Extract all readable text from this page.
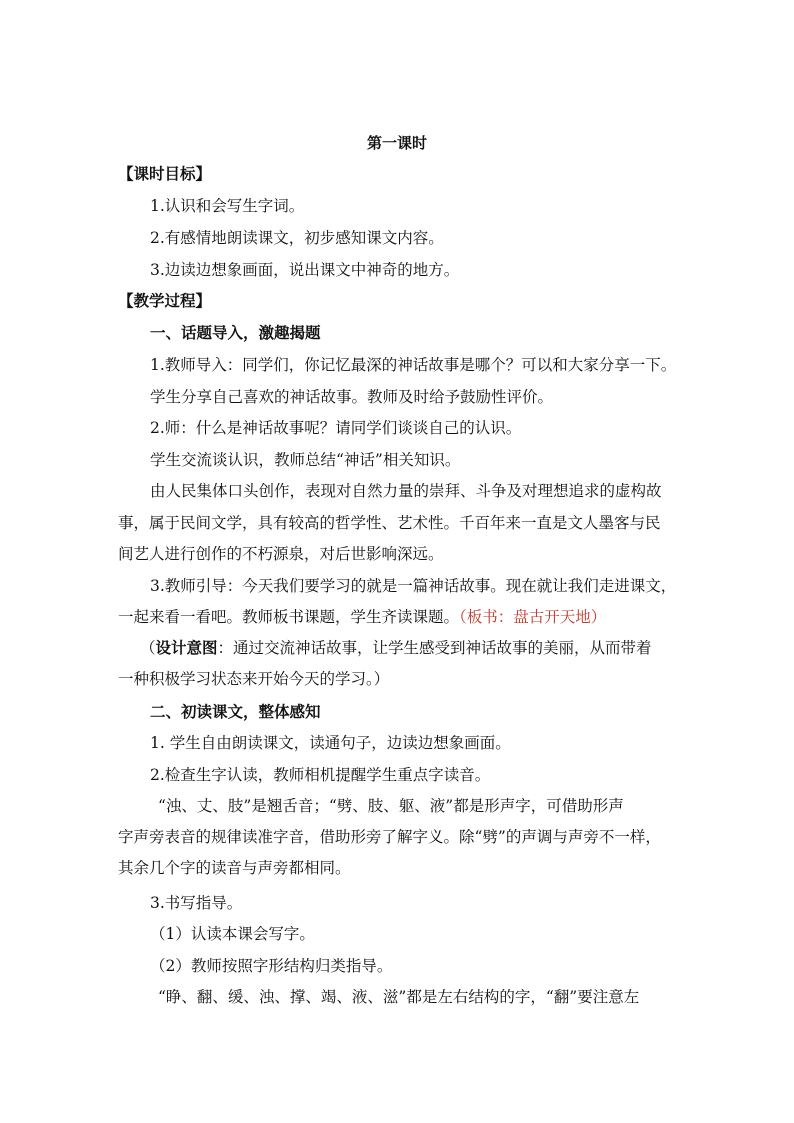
第一课时
【课时目标】
1.认识和会写生字词。
2.有感情地朗读课文，初步感知课文内容。
3.边读边想象画面，说出课文中神奇的地方。
【教学过程】
一、话题导入，激趣揭题
1.教师导入：同学们，你记忆最深的神话故事是哪个？可以和大家分享一下。
学生分享自己喜欢的神话故事。教师及时给予鼓励性评价。
2.师：什么是神话故事呢？请同学们谈谈自己的认识。
学生交流谈认识，教师总结“神话”相关知识。
由人民集体口头创作，表现对自然力量的崇拜、斗争及对理想追求的虚构故
事，属于民间文学，具有较高的哲学性、艺术性。千百年来一直是文人墨客与民
间艺人进行创作的不朽源泉，对后世影响深远。
3.教师引导：今天我们要学习的就是一篇神话故事。现在就让我们走进课文，
一起来看一看吧。教师板书课题，学生齐读课题。（板书：盘古开天地）
（设计意图：通过交流神话故事，让学生感受到神话故事的美丽，从而带着
一种积极学习状态来开始今天的学习。）
二、初读课文，整体感知
1. 学生自由朗读课文，读通句子，边读边想象画面。
2.检查生字认读，教师相机提醒学生重点字读音。
“浊、丈、肢”是翘舌音；“劈、肢、躯、液”都是形声字，可借助形声
字声旁表音的规律读准字音，借助形旁了解字义。除“劈”的声调与声旁不一样，
其余几个字的读音与声旁都相同。
3.书写指导。
（1）认读本课会写字。
（2）教师按照字形结构归类指导。
“睁、翻、缓、浊、撑、竭、液、滋”都是左右结构的字，“翻”要注意左
